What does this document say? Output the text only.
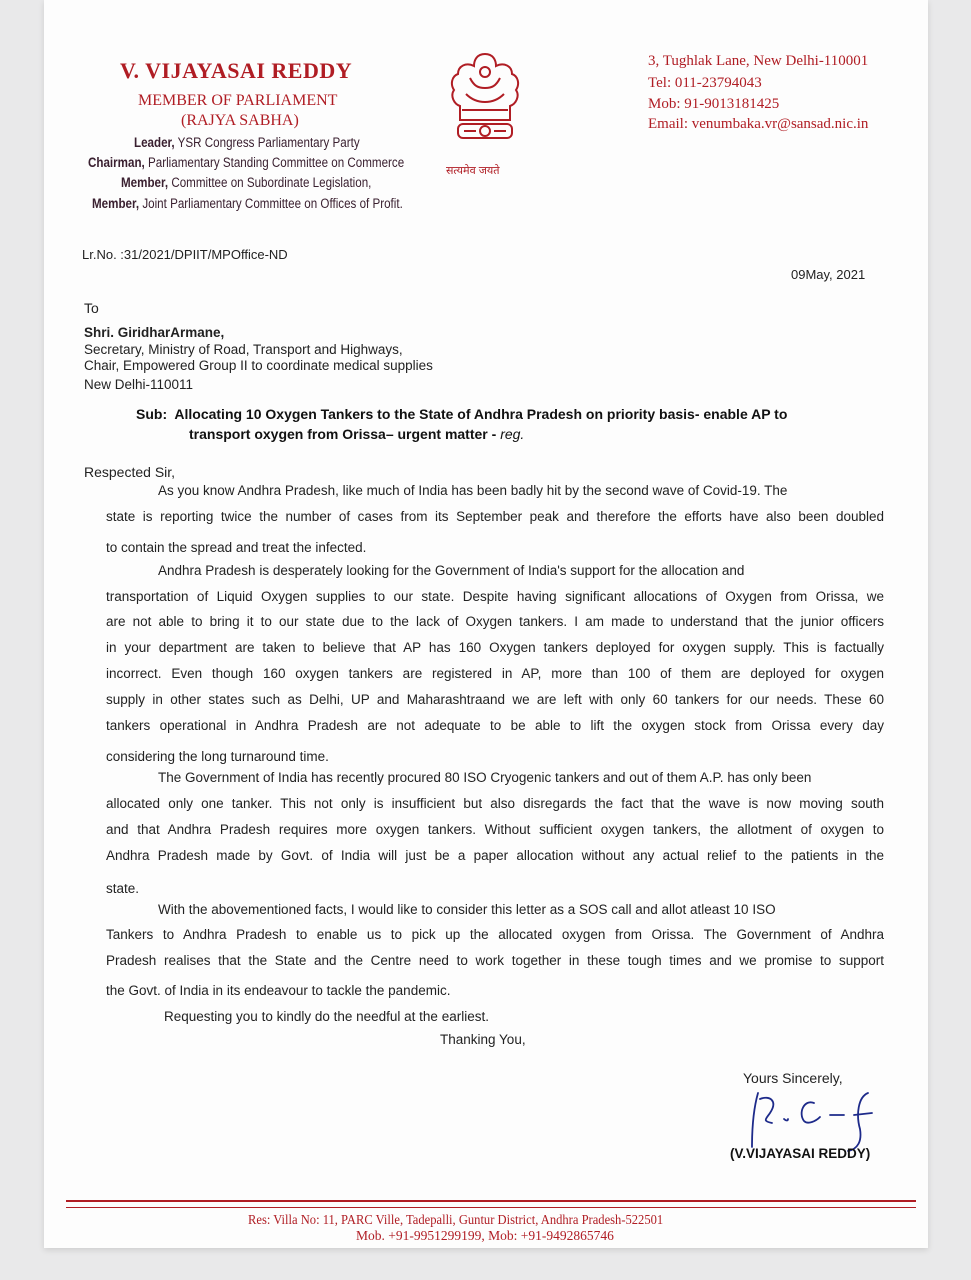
V. VIJAYASAI REDDY
MEMBER OF PARLIAMENT
(RAJYA SABHA)
Leader, YSR Congress Parliamentary Party
Chairman, Parliamentary Standing Committee on Commerce
Member, Committee on Subordinate Legislation,
Member, Joint Parliamentary Committee on Offices of Profit.
सत्यमेव जयते
3, Tughlak Lane, New Delhi-110001
Tel: 011-23794043
Mob: 91-9013181425
Email: venumbaka.vr@sansad.nic.in
Lr.No. :31/2021/DPIIT/MPOffice-ND
09May, 2021
To
Shri. GiridharArmane,
Secretary, Ministry of Road, Transport and Highways,
Chair, Empowered Group II to coordinate medical supplies
New Delhi-110011
Sub: Allocating 10 Oxygen Tankers to the State of Andhra Pradesh on priority basis- enable AP to
transport oxygen from Orissa– urgent matter - reg.
Respected Sir,
As you know Andhra Pradesh, like much of India has been badly hit by the second wave of Covid-19. The
state is reporting twice the number of cases from its September peak and therefore the efforts have also been doubled
to contain the spread and treat the infected.
Andhra Pradesh is desperately looking for the Government of India's support for the allocation and
transportation of Liquid Oxygen supplies to our state. Despite having significant allocations of Oxygen from Orissa, we
are not able to bring it to our state due to the lack of Oxygen tankers. I am made to understand that the junior officers
in your department are taken to believe that AP has 160 Oxygen tankers deployed for oxygen supply. This is factually
incorrect. Even though 160 oxygen tankers are registered in AP, more than 100 of them are deployed for oxygen
supply in other states such as Delhi, UP and Maharashtraand we are left with only 60 tankers for our needs. These 60
tankers operational in Andhra Pradesh are not adequate to be able to lift the oxygen stock from Orissa every day
considering the long turnaround time.
The Government of India has recently procured 80 ISO Cryogenic tankers and out of them A.P. has only been
allocated only one tanker. This not only is insufficient but also disregards the fact that the wave is now moving south
and that Andhra Pradesh requires more oxygen tankers. Without sufficient oxygen tankers, the allotment of oxygen to
Andhra Pradesh made by Govt. of India will just be a paper allocation without any actual relief to the patients in the
state.
With the abovementioned facts, I would like to consider this letter as a SOS call and allot atleast 10 ISO
Tankers to Andhra Pradesh to enable us to pick up the allocated oxygen from Orissa. The Government of Andhra
Pradesh realises that the State and the Centre need to work together in these tough times and we promise to support
the Govt. of India in its endeavour to tackle the pandemic.
Requesting you to kindly do the needful at the earliest.
Thanking You,
Yours Sincerely,
(V.VIJAYASAI REDDY)
Res: Villa No: 11, PARC Ville, Tadepalli, Guntur District, Andhra Pradesh-522501
Mob. +91-9951299199, Mob: +91-9492865746
